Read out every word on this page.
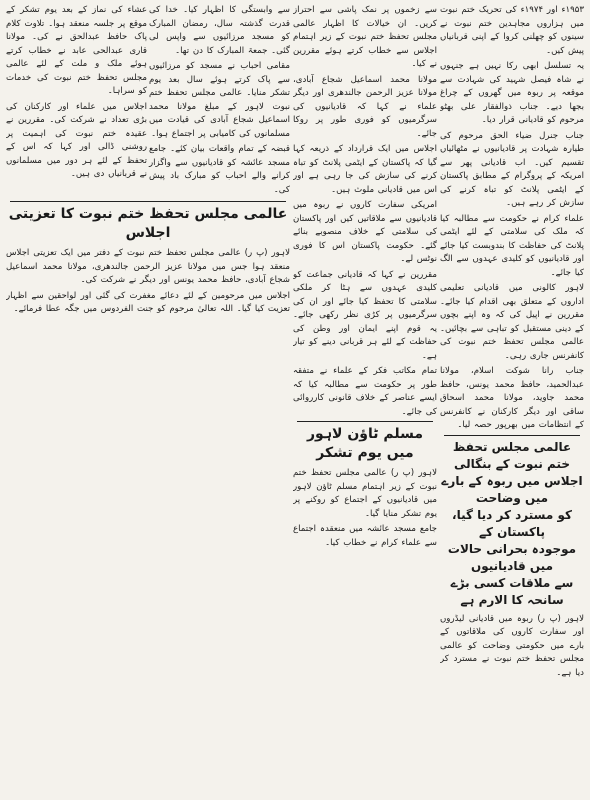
۱۹۵۳ء اور ۱۹۷۴ء کی تحریک ختم نبوت میں ہزاروں مجاہدین ختم نبوت نے سینوں کو چھلنی کروا کے اپنی قربانیاں پیش کیں۔

یہ تسلسل ابھی رکا نہیں ہے جنہوں نے شاہ فیصل شہید کی شہادت سے موقعہ پر ربوہ میں گھروں کے چراغ بجھا دیے۔ جناب ذوالفقار علی بھٹو مرحوم کو قادیانی قرار دیا۔

جناب جنرل ضیاء الحق مرحوم کی طیارہ شہادت پر قادیانیوں نے مٹھائیاں تقسیم کیں۔ اب قادیانی پھر سے امریکہ کے پروگرام کے مطابق پاکستان کے ایٹمی پلانٹ کو تباہ کرنے کی سازش کر رہے ہیں۔

علماء کرام نے حکومت سے مطالبہ کیا کہ ملک کی سلامتی کے لئے ایٹمی پلانٹ کی حفاظت کا بندوبست کیا جائے اور قادیانیوں کو کلیدی عہدوں سے الگ کیا جائے۔

لاہور کالونی میں قادیانی تعلیمی اداروں کے متعلق بھی اقدام کیا جائے۔ مقررین نے اپیل کی کہ وہ اپنے بچوں کے دینی مستقبل کو تباہی سے بچائیں۔ عالمی مجلس تحفظ ختم نبوت کی کانفرنس جاری رہی۔

جناب رانا شوکت اسلام، مولانا عبدالحمید، حافظ محمد یونس، حافظ محمد جاوید، مولانا محمد اسحاق ساقی اور دیگر کارکنان نے کانفرنس کے انتظامات میں بھرپور حصہ لیا۔

عالمی مجلس تحفظ ختم نبوت کے بنگالی

اجلاس میں ربوہ کے بارے میں وضاحت

کو مسترد کر دیا گیا، پاکستان کے

موجودہ بحرانی حالات میں قادیانیوں

سے ملاقات کسی بڑے سانحہ کا الارم ہے

لاہور (پ ر) ربوہ میں قادیانی لیڈروں اور سفارت کاروں کی ملاقاتوں کے بارے میں حکومتی وضاحت کو عالمی مجلس تحفظ ختم نبوت نے مسترد کر دیا ہے۔

سے زخموں پر نمک پاشی سے احتراز کریں۔ ان خیالات کا اظہار عالمی مجلس تحفظ ختم نبوت کے زیر اہتمام اجلاس سے خطاب کرتے ہوئے مقررین نے کیا۔

مولانا محمد اسماعیل شجاع آبادی، مولانا عزیز الرحمن جالندھری اور دیگر علماء نے کہا کہ قادیانیوں کی سرگرمیوں کو فوری طور پر روکا جائے۔

اجلاس میں ایک قرارداد کے ذریعہ کہا گیا کہ پاکستان کے ایٹمی پلانٹ کو تباہ کرنے کی سازش کی جا رہی ہے اور اس میں قادیانی ملوث ہیں۔

امریکی سفارت کاروں نے ربوہ میں قادیانیوں سے ملاقاتیں کیں اور پاکستان کی سلامتی کے خلاف منصوبے بنائے گئے۔ حکومت پاکستان اس کا فوری نوٹس لے۔

مقررین نے کہا کہ قادیانی جماعت کو کلیدی عہدوں سے ہٹا کر ملکی سلامتی کا تحفظ کیا جائے اور ان کی سرگرمیوں پر کڑی نظر رکھی جائے۔ یہ قوم اپنے ایمان اور وطن کی حفاظت کے لئے ہر قربانی دینے کو تیار ہے۔

تمام مکاتب فکر کے علماء نے متفقہ طور پر حکومت سے مطالبہ کیا کہ ایسے عناصر کے خلاف قانونی کارروائی کی جائے۔

مسلم ٹاؤن لاہور میں یوم تشکر

لاہور (پ ر) عالمی مجلس تحفظ ختم نبوت کے زیر اہتمام مسلم ٹاؤن لاہور میں قادیانیوں کے اجتماع کو روکنے پر یوم تشکر منایا گیا۔

جامع مسجد عائشہ میں منعقدہ اجتماع سے علماء کرام نے خطاب کیا۔

سے وابستگی کا اظہار کیا۔ خدا کی قدرت گذشتہ سال، رمضان المبارک کو مسجد مرزائیوں سے واپس لی گئی۔ جمعۃ المبارک کا دن تھا۔

مقامی احباب نے مسجد کو مرزائیوں سے پاک کرتے ہوئے سال بعد یوم تشکر منایا۔ عالمی مجلس تحفظ ختم نبوت لاہور کے مبلغ مولانا محمد اسماعیل شجاع آبادی کی قیادت میں مسلمانوں کی کامیابی پر اجتماع ہوا۔

قبضہ کے تمام واقعات بیان کئے۔ جامع مسجد عائشہ کو قادیانیوں سے واگزار کرانے والے احباب کو مبارک باد پیش کی۔

عشاء کی نماز کے بعد یوم تشکر کے موقع پر جلسہ منعقد ہوا۔ تلاوت کلام پاک حافظ عبدالحق نے کی۔ مولانا قاری عبدالحی عابد نے خطاب کرتے ہوئے ملک و ملت کے لئے عالمی مجلس تحفظ ختم نبوت کی خدمات کو سراہا۔

اجلاس میں علماء اور کارکنان کی بڑی تعداد نے شرکت کی۔ مقررین نے عقیدہ ختم نبوت کی اہمیت پر روشنی ڈالی اور کہا کہ اس کے تحفظ کے لئے ہر دور میں مسلمانوں نے قربانیاں دی ہیں۔

عالمی مجلس تحفظ ختم نبوت کا تعزیتی اجلاس

لاہور (پ ر) عالمی مجلس تحفظ ختم نبوت کے دفتر میں ایک تعزیتی اجلاس منعقد ہوا جس میں مولانا عزیز الرحمن جالندھری، مولانا محمد اسماعیل شجاع آبادی، حافظ محمد یونس اور دیگر نے شرکت کی۔

اجلاس میں مرحومین کے لئے دعائے مغفرت کی گئی اور لواحقین سے اظہار تعزیت کیا گیا۔ اللہ تعالیٰ مرحوم کو جنت الفردوس میں جگہ عطا فرمائے۔
